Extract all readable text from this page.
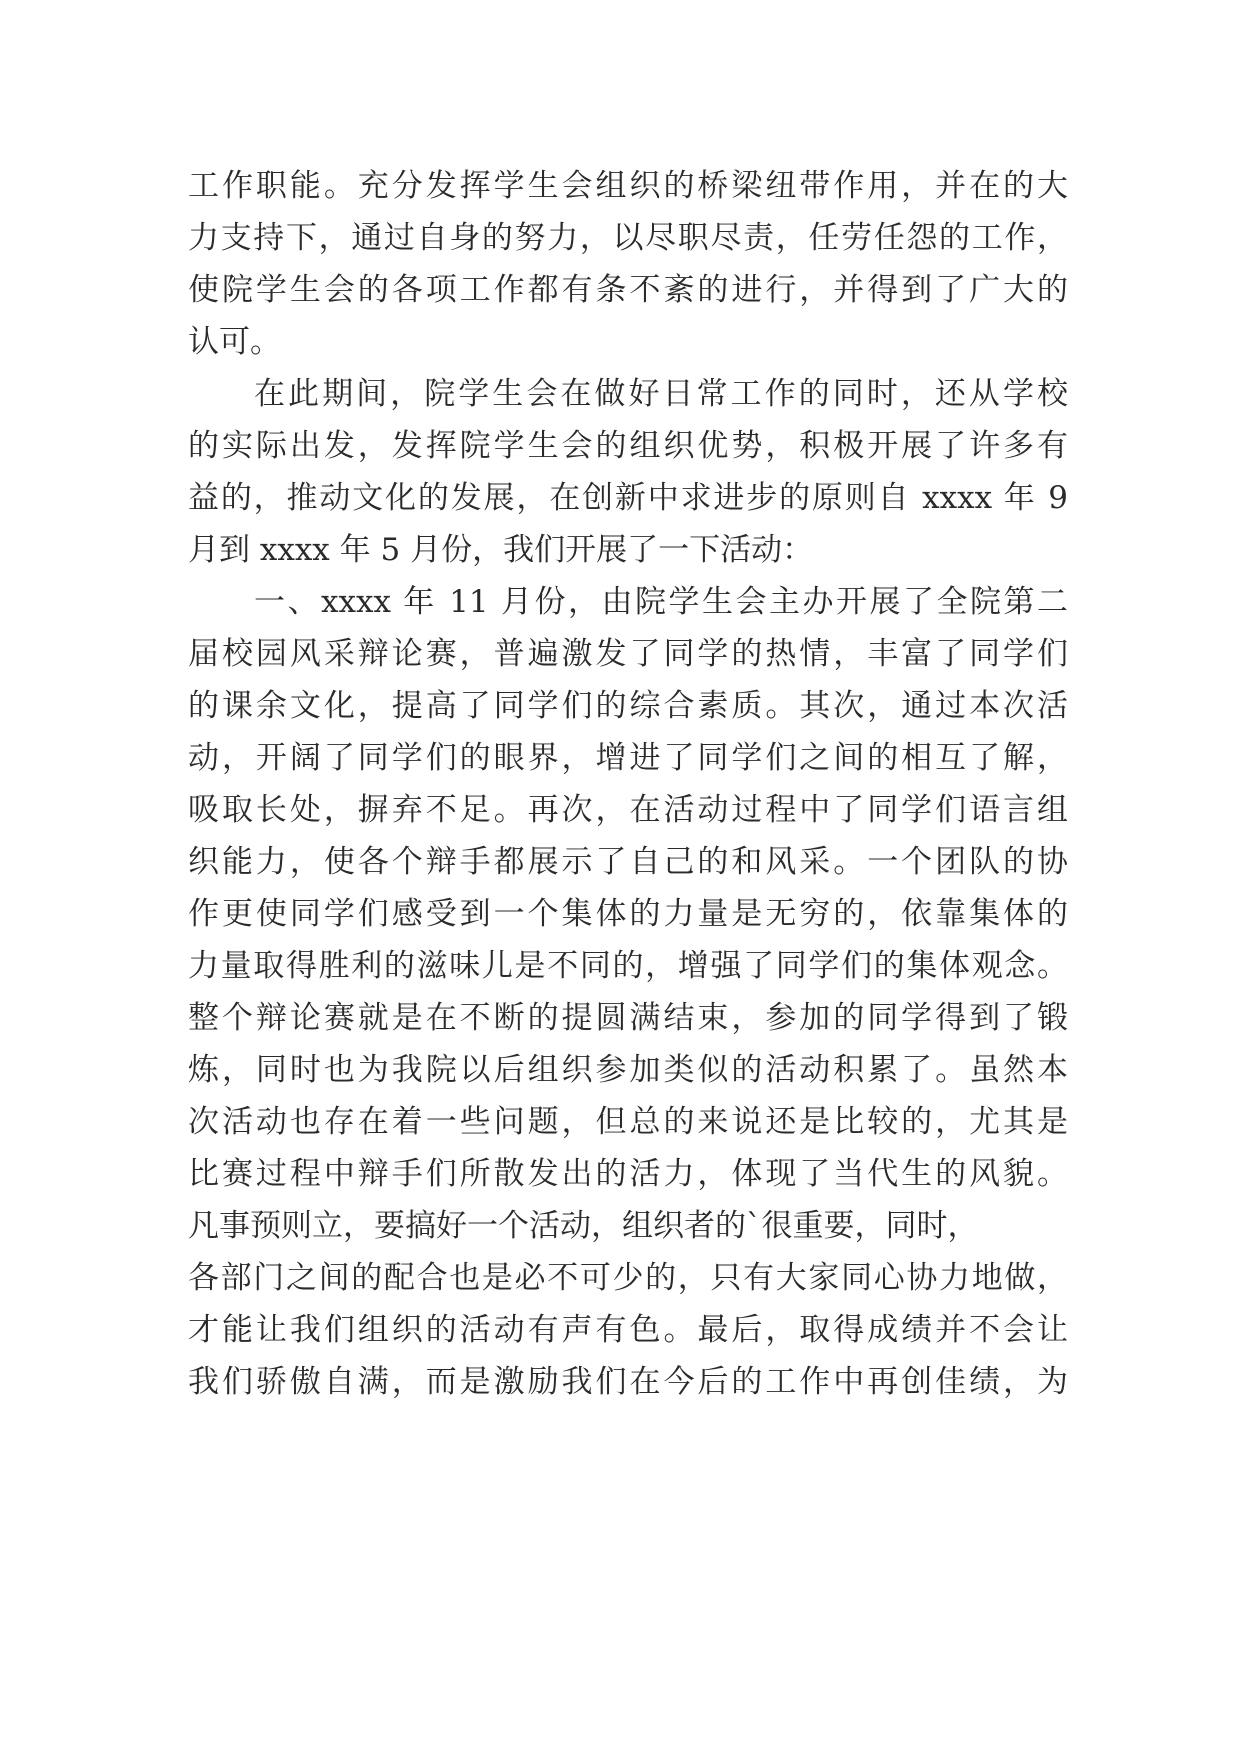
工作职能。充分发挥学生会组织的桥梁纽带作用，并在的大
力支持下，通过自身的努力，以尽职尽责，任劳任怨的工作，
使院学生会的各项工作都有条不紊的进行，并得到了广大的
认可。
在此期间，院学生会在做好日常工作的同时，还从学校
的实际出发，发挥院学生会的组织优势，积极开展了许多有
益的，推动文化的发展，在创新中求进步的原则自 xxxx 年 9
月到 xxxx 年 5 月份，我们开展了一下活动：
一、xxxx 年 11 月份，由院学生会主办开展了全院第二
届校园风采辩论赛，普遍激发了同学的热情，丰富了同学们
的课余文化，提高了同学们的综合素质。其次，通过本次活
动，开阔了同学们的眼界，增进了同学们之间的相互了解，
吸取长处，摒弃不足。再次，在活动过程中了同学们语言组
织能力，使各个辩手都展示了自己的和风采。一个团队的协
作更使同学们感受到一个集体的力量是无穷的，依靠集体的
力量取得胜利的滋味儿是不同的，增强了同学们的集体观念。
整个辩论赛就是在不断的提圆满结束，参加的同学得到了锻
炼，同时也为我院以后组织参加类似的活动积累了。虽然本
次活动也存在着一些问题，但总的来说还是比较的，尤其是
比赛过程中辩手们所散发出的活力，体现了当代生的风貌。
凡事预则立，要搞好一个活动，组织者的`很重要，同时，
各部门之间的配合也是必不可少的，只有大家同心协力地做，
才能让我们组织的活动有声有色。最后，取得成绩并不会让
我们骄傲自满，而是激励我们在今后的工作中再创佳绩，为
